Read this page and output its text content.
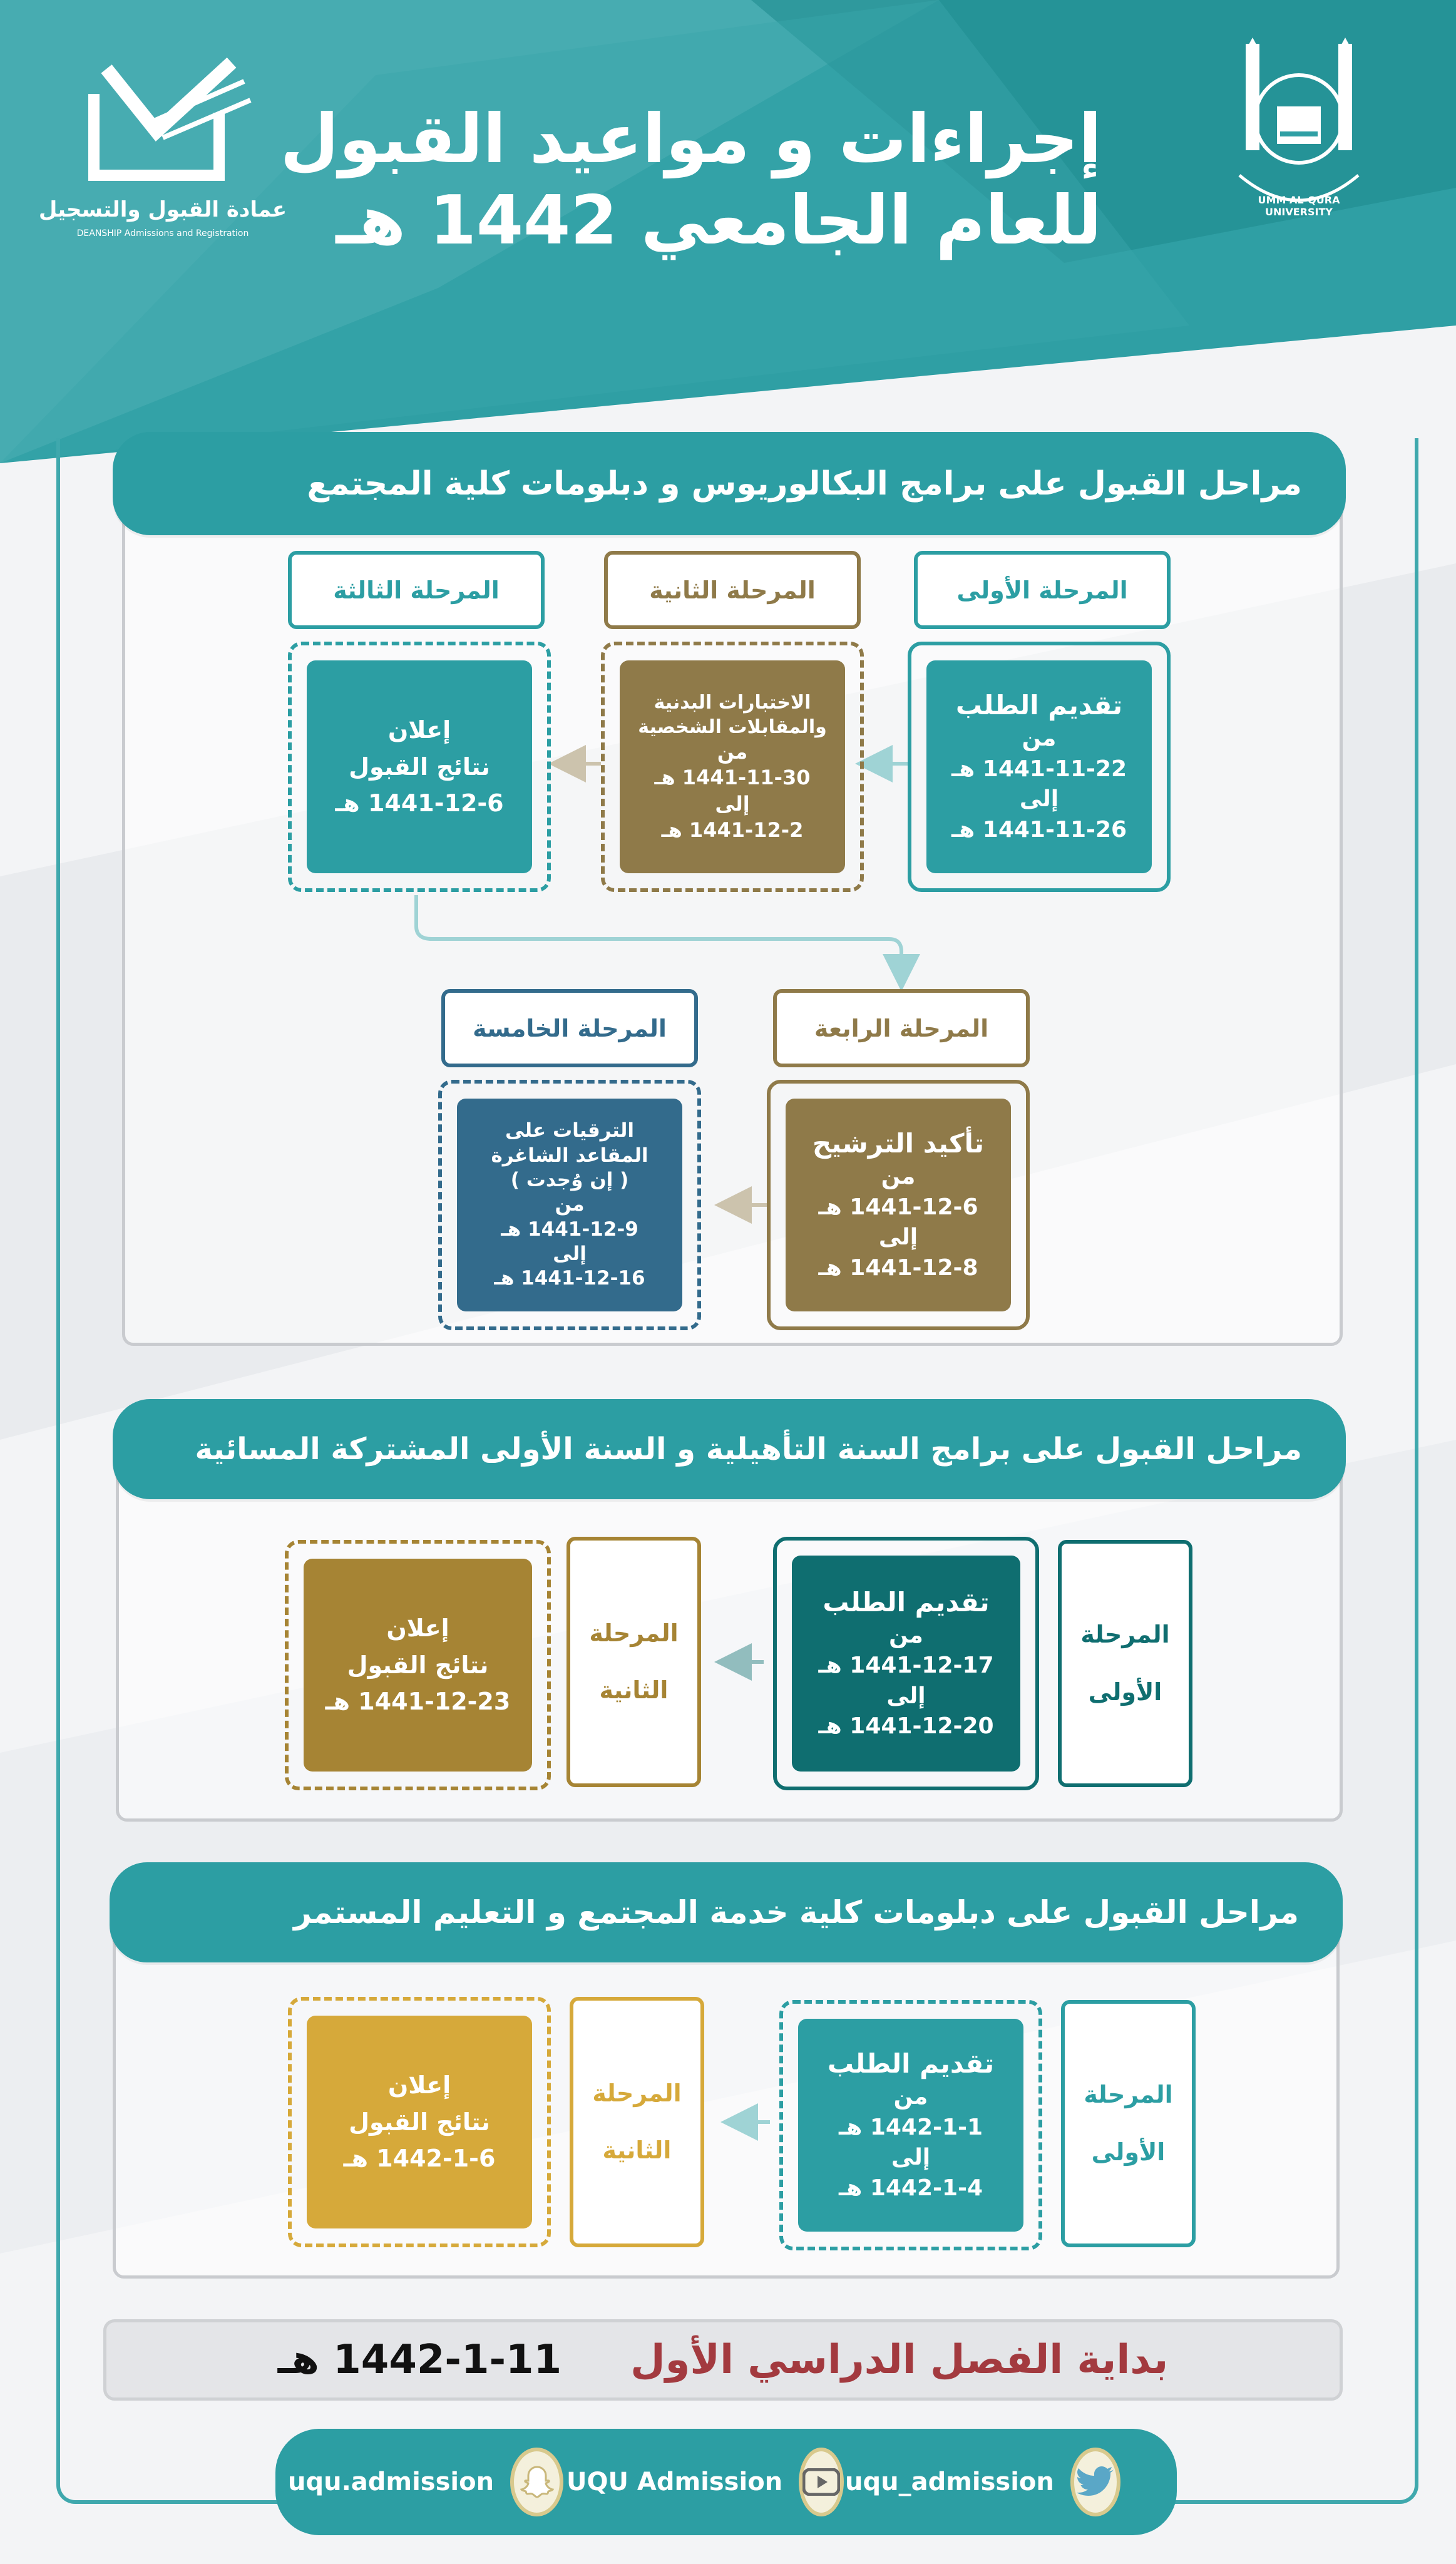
UMM AL-QURA UNIVERSITY
إجراءات و مواعيد القبول
للعام الجامعي 1442 هـ
عمادة القبول والتسجيل
DEANSHIP Admissions and Registration
مراحل القبول على برامج البكالوريوس و دبلومات كلية المجتمع
المرحلة الأولى
تقديم الطلب
من
1441-11-22 هـ
إلى
1441-11-26 هـ
المرحلة الثانية
الاختبارات البدنية
والمقابلات الشخصية
من
1441-11-30 هـ
إلى
1441-12-2 هـ
المرحلة الثالثة
إعلان
نتائج القبول
1441-12-6 هـ
المرحلة الرابعة
تأكيد الترشيح
من
1441-12-6 هـ
إلى
1441-12-8 هـ
المرحلة الخامسة
الترقيات على
المقاعد الشاغرة
( إن وُجدت )
من
1441-12-9 هـ
إلى
1441-12-16 هـ
مراحل القبول على برامج السنة التأهيلية و السنة الأولى المشتركة المسائية
المرحلة
الأولى
تقديم الطلب
من
1441-12-17 هـ
إلى
1441-12-20 هـ
المرحلة
الثانية
إعلان
نتائج القبول
1441-12-23 هـ
مراحل القبول على دبلومات كلية خدمة المجتمع و التعليم المستمر
المرحلة
الأولى
تقديم الطلب
من
1442-1-1 هـ
إلى
1442-1-4 هـ
المرحلة
الثانية
إعلان
نتائج القبول
1442-1-6 هـ
بداية الفصل الدراسي الأول
1442-1-11 هـ
uqu_admission
UQU Admission
uqu.admission
